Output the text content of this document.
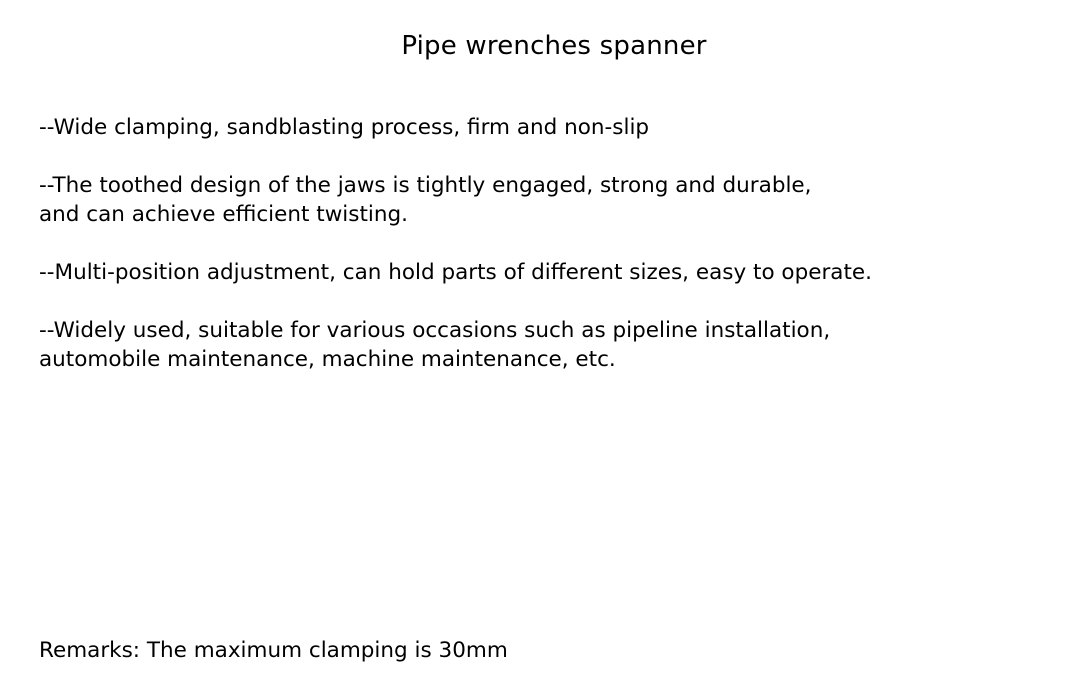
Pipe wrenches spanner
--Wide clamping, sandblasting process, firm and non-slip
--The toothed design of the jaws is tightly engaged, strong and durable,
and can achieve efficient twisting.
--Multi-position adjustment, can hold parts of different sizes, easy to operate.
--Widely used, suitable for various occasions such as pipeline installation,
automobile maintenance, machine maintenance, etc.
Remarks: The maximum clamping is 30mm
